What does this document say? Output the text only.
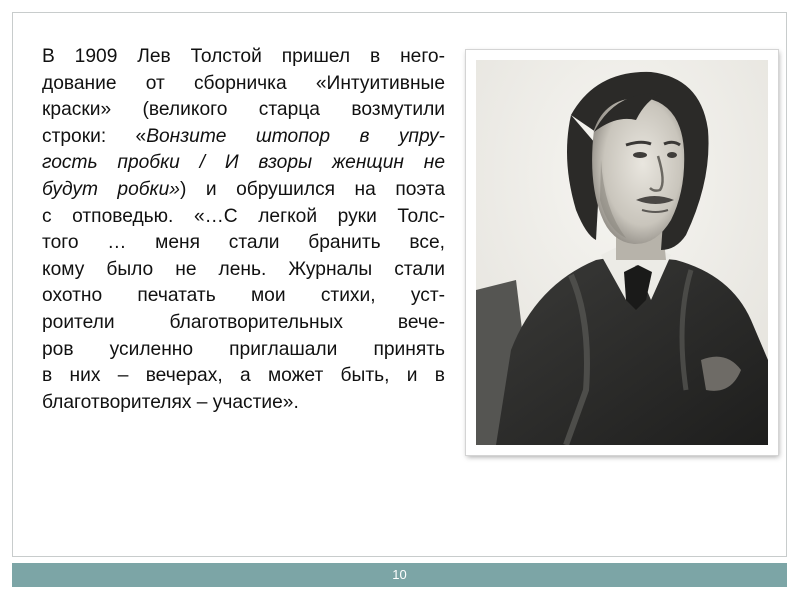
В 1909 Лев Толстой пришел в него-
дование от сборничка «Интуитивные
краски» (великого старца возмутили
строки: «Вонзите штопор в упру-
гость пробки / И взоры женщин не
будут робки») и обрушился на поэта
с отповедью. «…С легкой руки Толс-
того … меня стали бранить все,
кому было не лень. Журналы стали
охотно печатать мои стихи, уст-
роители благотворительных вече-
ров усиленно приглашали принять
в них – вечерах, а может быть, и в
благотворителях – участие».
10
